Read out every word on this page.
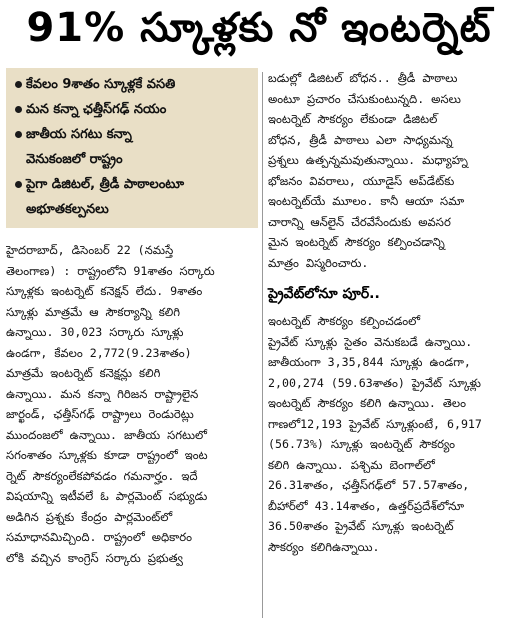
91% స్కూళ్లకు నో ఇంటర్నెట్
కేవలం 9శాతం స్కూళ్లకే వసతి
మన కన్నా ఛత్తీస్‌గఢ్ నయం
జాతీయ సగటు కన్నా
వెనుకంజలో రాష్ట్రం
పైగా డిజిటల్, త్రీడీ పాఠాలంటూ
అభూతకల్పనలు
హైదరాబాద్, డిసెంబర్ 22 (నమస్తే
తెలంగాణ) : రాష్ట్రంలోని 91శాతం సర్కారు
స్కూళ్లకు ఇంటర్నెట్ కనెక్షన్ లేదు. 9శాతం
స్కూళ్లు మాత్రమే ఆ సౌకర్యాన్ని కలిగి
ఉన్నాయి. 30,023 సర్కారు స్కూళ్లు
ఉండగా, కేవలం 2,772(9.23శాతం)
మాత్రమే ఇంటర్నెట్ కనెక్షన్లు కలిగి
ఉన్నాయి. మన కన్నా గిరిజన రాష్ట్రాలైన
జార్ఖండ్, ఛత్తీస్‌గఢ్ రాష్ట్రాలు రెండురెట్లు
ముందంజలో ఉన్నాయి. జాతీయ సగటులో
సగంశాతం స్కూళ్లకు కూడా రాష్ట్రంలో ఇంట
ర్నెట్ సౌకర్యంలేకపోవడం గమనార్హం. ఇదే
విషయాన్ని ఇటీవలే ఓ పార్లమెంట్ సభ్యుడు
అడిగిన ప్రశ్నకు కేంద్రం పార్లమెంట్‌లో
సమాధానమిచ్చింది. రాష్ట్రంలో అధికారం
లోకి వచ్చిన కాంగ్రెస్ సర్కారు ప్రభుత్వ
బడుల్లో డిజిటల్ బోధన.. త్రీడీ పాఠాలు
అంటూ ప్రచారం చేసుకుంటున్నది. అసలు
ఇంటర్నెట్ సౌకర్యం లేకుండా డిజిటల్
బోధన, త్రీడీ పాఠాలు ఎలా సాధ్యమన్న
ప్రశ్నలు ఉత్పన్నమవుతున్నాయి. మధ్యాహ్న
భోజనం వివరాలు, యూడైస్ అప్‌డేట్‌కు
ఇంటర్నెట్‌యే మూలం. కానీ ఆయా సమా
చారాన్ని ఆన్‌లైన్ చేరవేసేందుకు అవసర
మైన ఇంటర్నెట్ సౌకర్యం కల్పించడాన్ని
మాత్రం విస్మరించారు.
ప్రైవేట్‌లోనూ పూర్..
ఇంటర్నెట్ సౌకర్యం కల్పించడంలో
ప్రైవేట్ స్కూళ్లు సైతం వెనుకబడే ఉన్నాయి.
జాతీయంగా 3,35,844 స్కూళ్లు ఉండగా,
2,00,274 (59.63శాతం) ప్రైవేట్ స్కూళ్లు
ఇంటర్నెట్ సౌకర్యం కలిగి ఉన్నాయి. తెలం
గాణలో12,193 ప్రైవేట్ స్కూళ్లుంటే, 6,917
(56.73%) స్కూళ్లు ఇంటర్నెట్ సౌకర్యం
కలిగి ఉన్నాయి. పశ్చిమ బెంగాల్‌లో
26.31శాతం, ఛత్తీస్‌గఢ్‌లో 57.57శాతం,
బీహార్‌లో 43.14శాతం, ఉత్తర్‌ప్రదేశ్‌లోనూ
36.50శాతం ప్రైవేట్ స్కూళ్లు ఇంటర్నెట్
సౌకర్యం కలిగిఉన్నాయి.
